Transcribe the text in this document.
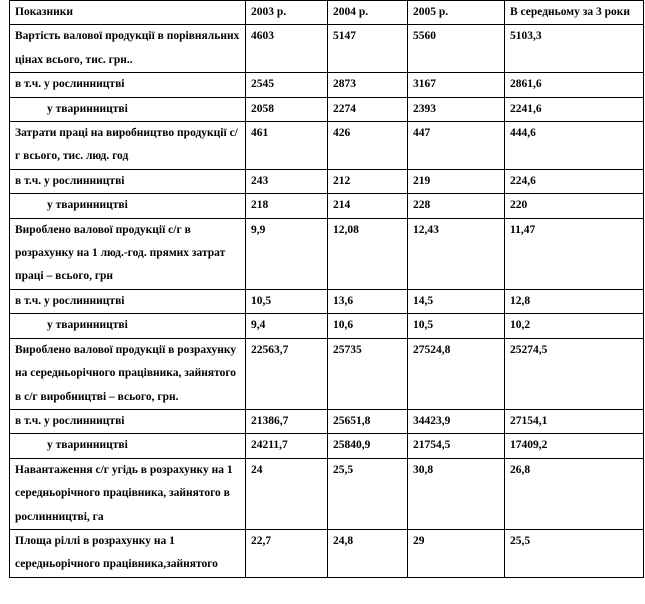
Показники	2003 р.	2004 р.	2005 р.	В середньому за 3 роки
Вартість валової продукції в порівняльних цінах всього, тис. грн..	4603	5147	5560	5103,3
в т.ч. у рослинництві	2545	2873	3167	2861,6
у тваринництві	2058	2274	2393	2241,6
Затрати праці на виробництво продукції с/г всього, тис. люд. год	461	426	447	444,6
в т.ч. у рослинництві	243	212	219	224,6
у тваринництві	218	214	228	220
Вироблено валової продукції с/г в розрахунку на 1 люд.-год. прямих затрат праці – всього, грн	9,9	12,08	12,43	11,47
в т.ч. у рослинництві	10,5	13,6	14,5	12,8
у тваринництві	9,4	10,6	10,5	10,2
Вироблено валової продукції в розрахунку на середньорічного працівника, зайнятого в с/г виробництві – всього, грн.	22563,7	25735	27524,8	25274,5
в т.ч. у рослинництві	21386,7	25651,8	34423,9	27154,1
у тваринництві	24211,7	25840,9	21754,5	17409,2
Навантаження с/г угідь в розрахунку на 1 середньорічного працівника, зайнятого в рослинництві, га	24	25,5	30,8	26,8
Площа ріллі в розрахунку на 1 середньорічного працівника,зайнятого	22,7	24,8	29	25,5
